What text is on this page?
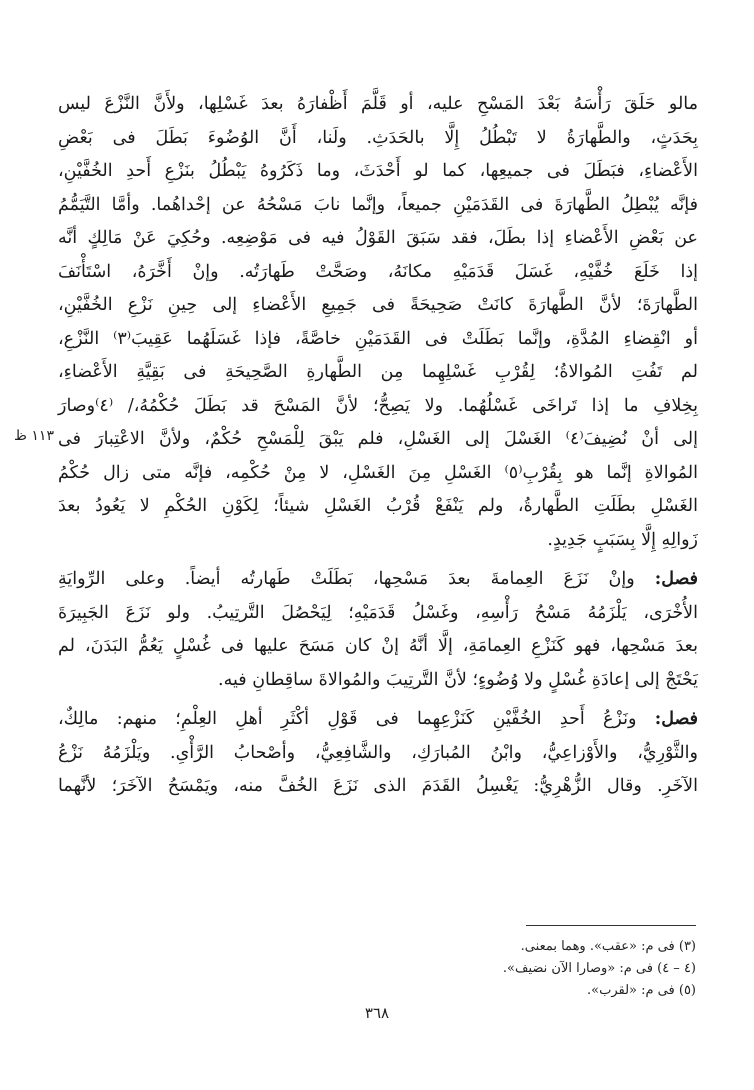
١١٣ ظ

مالو حَلَقَ رَأْسَهُ بَعْدَ المَسْحِ عليه، أو قَلَّمَ أَظْفارَهُ بعدَ غَسْلِها، ولأَنَّ النَّزْعَ ليس
بِحَدَثٍ، والطَّهارَةُ لا تَبْطُلُ إِلَّا بالحَدَثِ. ولَنا، أَنَّ الوُضُوءَ بَطَلَ فى بَعْضِ
الأَعْضاءِ، فبَطَلَ فى جميعِها، كما لو أَحْدَثَ، وما ذَكَرُوهُ يَبْطُلُ بنَزْعِ أَحدِ الخُفَّيْنِ،
فإنَّه يُبْطِلُ الطَّهارَةَ فى القَدَمَيْنِ جميعاً، وإنَّما نابَ مَسْحُهُ عن إحْداهُما. وأمَّا التَّيَمُّمُ
عن بَعْضِ الأَعْضاءِ إذا بطَلَ، فقد سَبَقَ القَوْلُ فيه فى مَوْضِعِه. وحُكِيَ عَنْ مَالِكٍ أنَّه
إذا خَلَعَ خُفَّيْهِ، غَسَلَ قَدَمَيْهِ مكانَهُ، وصَحَّتْ طَهارَتُه. وإنْ أَخَّرَهُ، اسْتَأْنَفَ
الطَّهارَةَ؛ لأنَّ الطَّهارَةَ كانَتْ صَحِيحَةً فى جَمِيعِ الأَعْضاءِ إلى حِينِ نَزْعِ الخُفَّيْنِ،
أو انْقِضاءِ المُدَّةِ، وإنَّما بَطَلَتْ فى القَدَمَيْنِ خاصَّةً، فإذا غَسَلَهُما عَقِيبَ⁽٣⁾ النَّزْعِ،
لم تَفُتِ المُوالاةُ؛ لِقُرْبِ غَسْلِهِما مِن الطَّهارةِ الصَّحِيحَةِ فى بَقِيَّةِ الأَعْضاءِ،
بِخِلافِ ما إذا تَراخَى غَسْلُهُما. ولا يَصِحُّ؛ لأنَّ المَسْحَ قد بَطَلَ حُكْمُهُ،/ ⁽٤⁾وصارَ
إلى أنْ نُضِيفَ⁽٤⁾ الغَسْلَ إلى الغَسْلِ، فلم يَبْقَ لِلْمَسْحِ حُكْمٌ، ولأنَّ الاعْتِبارَ فى
المُوالاةِ إنَّما هو بِقُرْبِ⁽٥⁾ الغَسْلِ مِنَ الغَسْلِ، لا مِنْ حُكْمِه، فإنَّه متى زال حُكْمُ
الغَسْلِ بطَلَتِ الطَّهارةُ، ولم يَنْفَعْ قُرْبُ الغَسْلِ شيئاً؛ لِكَوْنِ الحُكْمِ لا يَعُودُ بعدَ
زَوالِهِ إِلَّا بِسَبَبٍ جَدِيدٍ.

فصل: وإنْ نَزَعَ العِمامةَ بعدَ مَسْحِها، بَطَلَتْ طَهارتُه أيضاً. وعلى الرِّوايَةِ
الأُخْرَى، يَلْزَمُهُ مَسْحُ رَأْسِهِ، وغَسْلُ قَدَمَيْهِ؛ لِيَحْصُلَ التَّرتِيبُ. ولو نَزَعَ الجَبِيرَةَ
بعدَ مَسْحِها، فهو كَنَزْعِ العِمامَةِ، إلَّا أنَّهُ إنْ كان مَسَحَ عليها فى غُسْلٍ يَعُمُّ البَدَنَ، لم
يَحْتَجْ إلى إعادَةِ غُسْلٍ ولا وُضُوءٍ؛ لأنَّ التَّرتِيبَ والمُوالاةَ ساقِطانِ فيه.

فصل: ونَزْعُ أَحدِ الخُفَّيْنِ كَنَزْعِهِما فى قَوْلِ أكْثَرِ أهلِ العِلْمِ؛ منهم: مالِكٌ،
والثَّوْرِيُّ، والأَوْزاعِيُّ، وابْنُ المُبارَكِ، والشَّافِعِيُّ، وأصْحابُ الرَّأْىِ. ويَلْزَمُهُ نَزْعُ
الآخَرِ. وقال الزُّهْرِيُّ: يَغْسِلُ القَدَمَ الذى نَزَعَ الخُفَّ منه، ويَمْسَحُ الآخَرَ؛ لأنَّهما

(٣) فى م: «عقب». وهما بمعنى.
(٤ – ٤) فى م: «وصارا الآن نضيف».
(٥) فى م: «لقرب».
٣٦٨
